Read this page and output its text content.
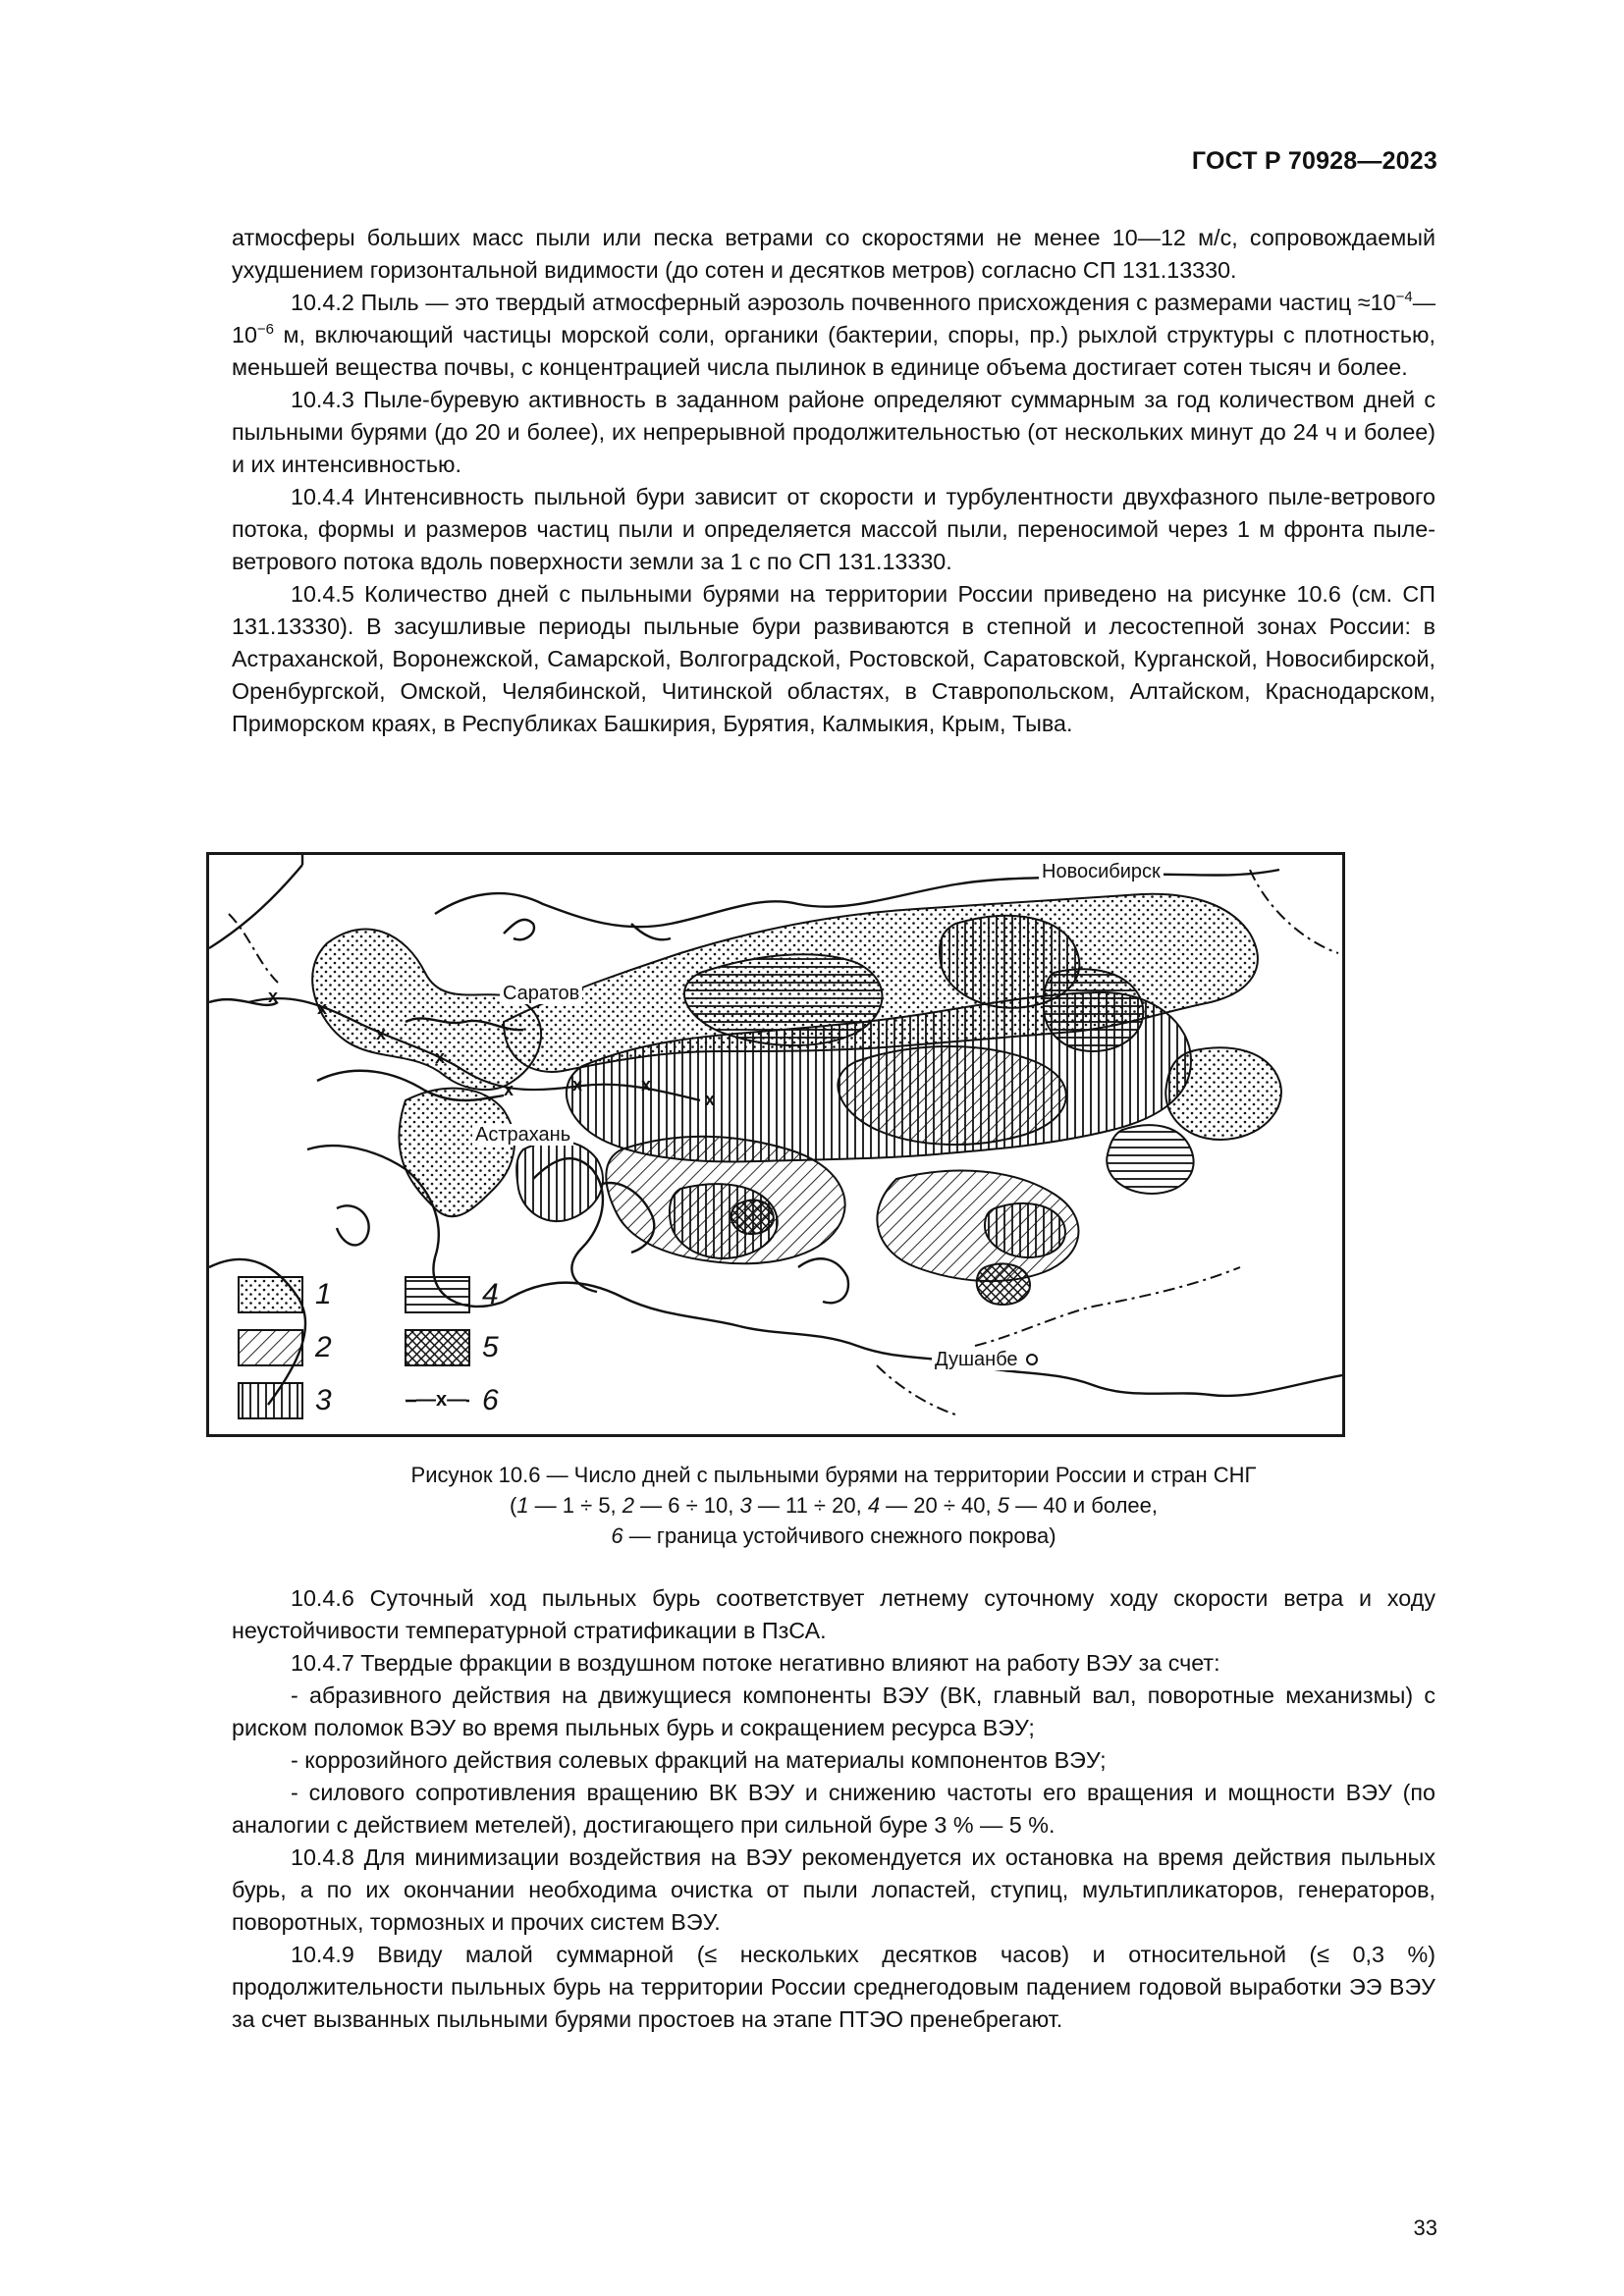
ГОСТ Р 70928—2023

атмосферы больших масс пыли или песка ветрами со скоростями не менее 10—12 м/с, сопровождаемый ухудшением горизонтальной видимости (до сотен и десятков метров) согласно СП 131.13330.

10.4.2 Пыль — это твердый атмосферный аэрозоль почвенного присхождения с размерами частиц $\approx 10^{-4}—10^{-6}$ м, включающий частицы морской соли, органики (бактерии, споры, пр.) рыхлой структуры с плотностью, меньшей вещества почвы, с концентрацией числа пылинок в единице объема достигает сотен тысяч и более.

10.4.3 Пыле-буревую активность в заданном районе определяют суммарным за год количеством дней с пыльными бурями (до 20 и более), их непрерывной продолжительностью (от нескольких минут до 24 ч и более) и их интенсивностью.

10.4.4 Интенсивность пыльной бури зависит от скорости и турбулентности двухфазного пыле-ветрового потока, формы и размеров частиц пыли и определяется массой пыли, переносимой через 1 м фронта пыле-ветрового потока вдоль поверхности земли за 1 с по СП 131.13330.

10.4.5 Количество дней с пыльными бурями на территории России приведено на рисунке 10.6 (см. СП 131.13330). В засушливые периоды пыльные бури развиваются в степной и лесостепной зонах России: в Астраханской, Воронежской, Самарской, Волгоградской, Ростовской, Саратовской, Курганской, Новосибирской, Оренбургской, Омской, Челябинской, Читинской областях, в Ставропольском, Алтайском, Краснодарском, Приморском краях, в Республиках Башкирия, Бурятия, Калмыкия, Крым, Тыва.

x
x
x
x
x	x	x
x
Новосибирск
Саратов
Астрахань
Душанбе
1
2
3
4
5
6
—x—

Рисунок 10.6 — Число дней с пыльными бурями на территории России и стран СНГ

(1 — 1 ÷ 5, 2 — 6 ÷ 10, 3 — 11 ÷ 20, 4 — 20 ÷ 40, 5 — 40 и более,

6 — граница устойчивого снежного покрова)

10.4.6 Суточный ход пыльных бурь соответствует летнему суточному ходу скорости ветра и ходу неустойчивости температурной стратификации в ПзСА.

10.4.7 Твердые фракции в воздушном потоке негативно влияют на работу ВЭУ за счет:

- абразивного действия на движущиеся компоненты ВЭУ (ВК, главный вал, поворотные механизмы) с риском поломок ВЭУ во время пыльных бурь и сокращением ресурса ВЭУ;

- коррозийного действия солевых фракций на материалы компонентов ВЭУ;

- силового сопротивления вращению ВК ВЭУ и снижению частоты его вращения и мощности ВЭУ (по аналогии с действием метелей), достигающего при сильной буре 3 % — 5 %.

10.4.8 Для минимизации воздействия на ВЭУ рекомендуется их остановка на время действия пыльных бурь, а по их окончании необходима очистка от пыли лопастей, ступиц, мультипликаторов, генераторов, поворотных, тормозных и прочих систем ВЭУ.

10.4.9 Ввиду малой суммарной (≤ нескольких десятков часов) и относительной (≤ 0,3 %) продолжительности пыльных бурь на территории России среднегодовым падением годовой выработки ЭЭ ВЭУ за счет вызванных пыльными бурями простоев на этапе ПТЭО пренебрегают.

33
